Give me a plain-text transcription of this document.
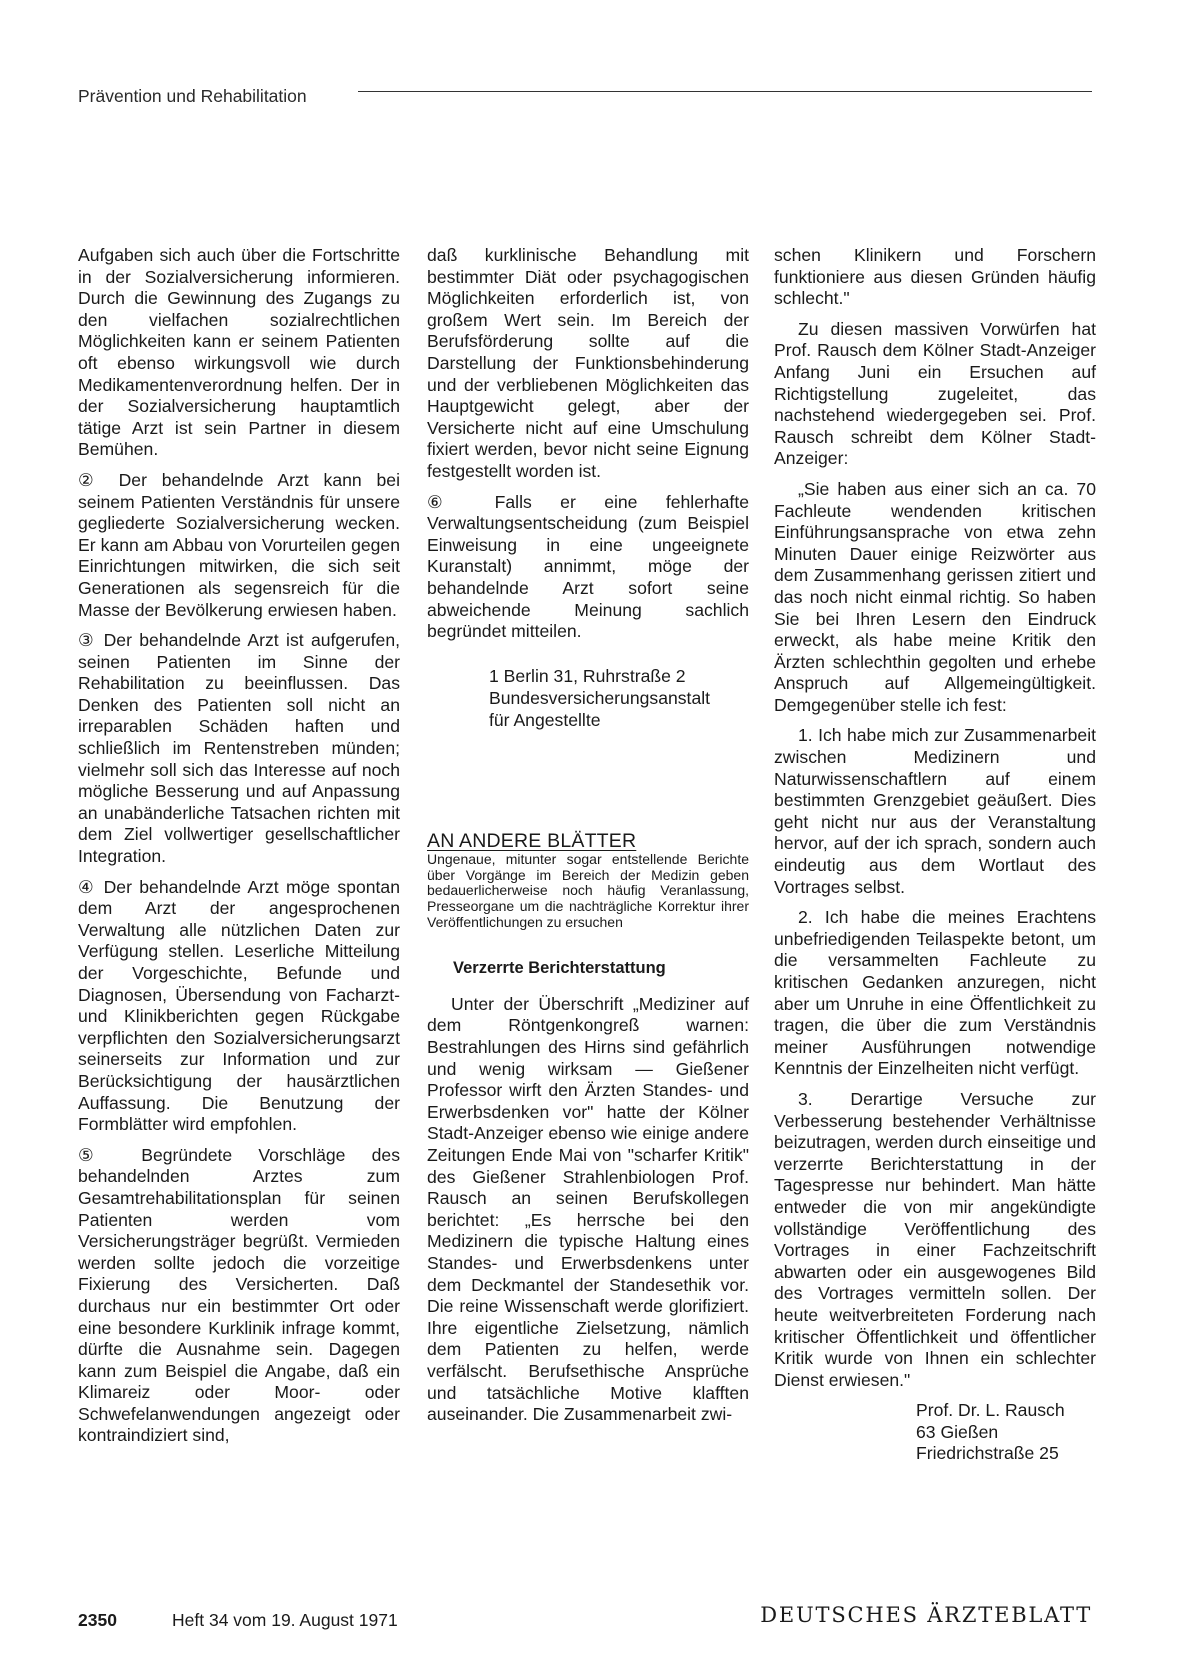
Prävention und Rehabilitation

Aufgaben sich auch über die Fortschritte in der Sozialversicherung informieren. Durch die Gewinnung des Zugangs zu den vielfachen sozialrechtlichen Möglichkeiten kann er seinem Patienten oft ebenso wirkungsvoll wie durch Medikamentenverordnung helfen. Der in der Sozialversicherung hauptamtlich tätige Arzt ist sein Partner in diesem Bemühen.

② Der behandelnde Arzt kann bei seinem Patienten Verständnis für unsere gegliederte Sozialversicherung wecken. Er kann am Abbau von Vorurteilen gegen Einrichtungen mitwirken, die sich seit Generationen als segensreich für die Masse der Bevölkerung erwiesen haben.

③ Der behandelnde Arzt ist aufgerufen, seinen Patienten im Sinne der Rehabilitation zu beeinflussen. Das Denken des Patienten soll nicht an irreparablen Schäden haften und schließlich im Rentenstreben münden; vielmehr soll sich das Interesse auf noch mögliche Besserung und auf Anpassung an unabänderliche Tatsachen richten mit dem Ziel vollwertiger gesellschaftlicher Integration.

④ Der behandelnde Arzt möge spontan dem Arzt der angesprochenen Verwaltung alle nützlichen Daten zur Verfügung stellen. Leserliche Mitteilung der Vorgeschichte, Befunde und Diagnosen, Übersendung von Facharzt- und Klinikberichten gegen Rückgabe verpflichten den Sozialversicherungsarzt seinerseits zur Information und zur Berücksichtigung der hausärztlichen Auffassung. Die Benutzung der Formblätter wird empfohlen.

⑤ Begründete Vorschläge des behandelnden Arztes zum Gesamtrehabilitationsplan für seinen Patienten werden vom Versicherungsträger begrüßt. Vermieden werden sollte jedoch die vorzeitige Fixierung des Versicherten. Daß durchaus nur ein bestimmter Ort oder eine besondere Kurklinik infrage kommt, dürfte die Ausnahme sein. Dagegen kann zum Beispiel die Angabe, daß ein Klimareiz oder Moor- oder Schwefelanwendungen angezeigt oder kontraindiziert sind,

daß kurklinische Behandlung mit bestimmter Diät oder psychagogischen Möglichkeiten erforderlich ist, von großem Wert sein. Im Bereich der Berufsförderung sollte auf die Darstellung der Funktionsbehinderung und der verbliebenen Möglichkeiten das Hauptgewicht gelegt, aber der Versicherte nicht auf eine Umschulung fixiert werden, bevor nicht seine Eignung festgestellt worden ist.

⑥ Falls er eine fehlerhafte Verwaltungsentscheidung (zum Beispiel Einweisung in eine ungeeignete Kuranstalt) annimmt, möge der behandelnde Arzt sofort seine abweichende Meinung sachlich begründet mitteilen.

1 Berlin 31, Ruhrstraße 2
Bundesversicherungsanstalt
für Angestellte
AN ANDERE BLÄTTER

Ungenaue, mitunter sogar entstellende Berichte über Vorgänge im Bereich der Medizin geben bedauerlicherweise noch häufig Veranlassung, Presseorgane um die nachträgliche Korrektur ihrer Veröffentlichungen zu ersuchen

Verzerrte Berichterstattung

Unter der Überschrift „Mediziner auf dem Röntgenkongreß warnen: Bestrahlungen des Hirns sind gefährlich und wenig wirksam — Gießener Professor wirft den Ärzten Standes- und Erwerbsdenken vor" hatte der Kölner Stadt-Anzeiger ebenso wie einige andere Zeitungen Ende Mai von "scharfer Kritik" des Gießener Strahlenbiologen Prof. Rausch an seinen Berufskollegen berichtet: „Es herrsche bei den Medizinern die typische Haltung eines Standes- und Erwerbsdenkens unter dem Deckmantel der Standesethik vor. Die reine Wissenschaft werde glorifiziert. Ihre eigentliche Zielsetzung, nämlich dem Patienten zu helfen, werde verfälscht. Berufsethische Ansprüche und tatsächliche Motive klafften auseinander. Die Zusammenarbeit zwi-

schen Klinikern und Forschern funktioniere aus diesen Gründen häufig schlecht."

Zu diesen massiven Vorwürfen hat Prof. Rausch dem Kölner Stadt-Anzeiger Anfang Juni ein Ersuchen auf Richtigstellung zugeleitet, das nachstehend wiedergegeben sei. Prof. Rausch schreibt dem Kölner Stadt-Anzeiger:

„Sie haben aus einer sich an ca. 70 Fachleute wendenden kritischen Einführungsansprache von etwa zehn Minuten Dauer einige Reizwörter aus dem Zusammenhang gerissen zitiert und das noch nicht einmal richtig. So haben Sie bei Ihren Lesern den Eindruck erweckt, als habe meine Kritik den Ärzten schlechthin gegolten und erhebe Anspruch auf Allgemeingültigkeit. Demgegenüber stelle ich fest:

1. Ich habe mich zur Zusammenarbeit zwischen Medizinern und Naturwissenschaftlern auf einem bestimmten Grenzgebiet geäußert. Dies geht nicht nur aus der Veranstaltung hervor, auf der ich sprach, sondern auch eindeutig aus dem Wortlaut des Vortrages selbst.

2. Ich habe die meines Erachtens unbefriedigenden Teilaspekte betont, um die versammelten Fachleute zu kritischen Gedanken anzuregen, nicht aber um Unruhe in eine Öffentlichkeit zu tragen, die über die zum Verständnis meiner Ausführungen notwendige Kenntnis der Einzelheiten nicht verfügt.

3. Derartige Versuche zur Verbesserung bestehender Verhältnisse beizutragen, werden durch einseitige und verzerrte Berichterstattung in der Tagespresse nur behindert. Man hätte entweder die von mir angekündigte vollständige Veröffentlichung des Vortrages in einer Fachzeitschrift abwarten oder ein ausgewogenes Bild des Vortrages vermitteln sollen. Der heute weitverbreiteten Forderung nach kritischer Öffentlichkeit und öffentlicher Kritik wurde von Ihnen ein schlechter Dienst erwiesen."

Prof. Dr. L. Rausch
63 Gießen
Friedrichstraße 25
2350	Heft 34 vom 19. August 1971	DEUTSCHES ÄRZTEBLATT
